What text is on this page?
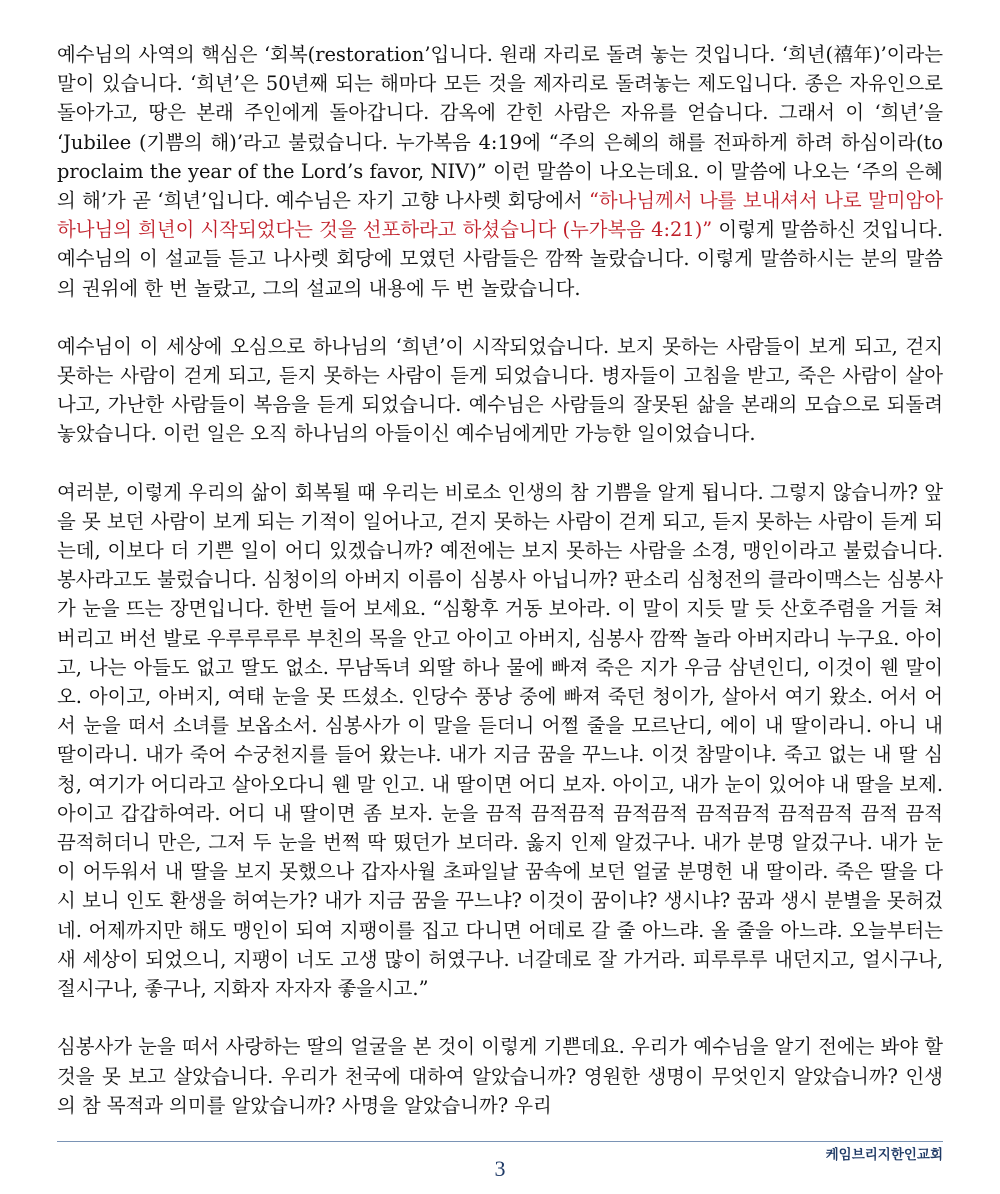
예수님의 사역의 핵심은 ‘회복(restoration’입니다. 원래 자리로 돌려 놓는 것입니다. ‘희년(禧年)’이라는 말이 있습니다. ‘희년’은 50년째 되는 해마다 모든 것을 제자리로 돌려놓는 제도입니다. 종은 자유인으로 돌아가고, 땅은 본래 주인에게 돌아갑니다. 감옥에 갇힌 사람은 자유를 얻습니다. 그래서 이 ‘희년’을 ‘Jubilee (기쁨의 해)’라고 불렀습니다. 누가복음 4:19에 “주의 은혜의 해를 전파하게 하려 하심이라(to proclaim the year of the Lord’s favor, NIV)” 이런 말씀이 나오는데요. 이 말씀에 나오는 ‘주의 은혜의 해’가 곧 ‘희년’입니다. 예수님은 자기 고향 나사렛 회당에서 “하나님께서 나를 보내셔서 나로 말미암아 하나님의 희년이 시작되었다는 것을 선포하라고 하셨습니다 (누가복음 4:21)” 이렇게 말씀하신 것입니다. 예수님의 이 설교들 듣고 나사렛 회당에 모였던 사람들은 깜짝 놀랐습니다. 이렇게 말씀하시는 분의 말씀의 권위에 한 번 놀랐고, 그의 설교의 내용에 두 번 놀랐습니다.

예수님이 이 세상에 오심으로 하나님의 ‘희년’이 시작되었습니다. 보지 못하는 사람들이 보게 되고, 걷지 못하는 사람이 걷게 되고, 듣지 못하는 사람이 듣게 되었습니다. 병자들이 고침을 받고, 죽은 사람이 살아나고, 가난한 사람들이 복음을 듣게 되었습니다. 예수님은 사람들의 잘못된 삶을 본래의 모습으로 되돌려 놓았습니다. 이런 일은 오직 하나님의 아들이신 예수님에게만 가능한 일이었습니다.

여러분, 이렇게 우리의 삶이 회복될 때 우리는 비로소 인생의 참 기쁨을 알게 됩니다. 그렇지 않습니까? 앞을 못 보던 사람이 보게 되는 기적이 일어나고, 걷지 못하는 사람이 걷게 되고, 듣지 못하는 사람이 듣게 되는데, 이보다 더 기쁜 일이 어디 있겠습니까? 예전에는 보지 못하는 사람을 소경, 맹인이라고 불렀습니다. 봉사라고도 불렀습니다. 심청이의 아버지 이름이 심봉사 아닙니까? 판소리 심청전의 클라이맥스는 심봉사가 눈을 뜨는 장면입니다. 한번 들어 보세요. “심황후 거동 보아라. 이 말이 지듯 말 듯 산호주렴을 거들 쳐 버리고 버선 발로 우루루루루 부친의 목을 안고 아이고 아버지, 심봉사 깜짝 놀라 아버지라니 누구요. 아이고, 나는 아들도 없고 딸도 없소. 무남독녀 외딸 하나 물에 빠져 죽은 지가 우금 삼년인디, 이것이 웬 말이오. 아이고, 아버지, 여태 눈을 못 뜨셨소. 인당수 풍낭 중에 빠져 죽던 청이가, 살아서 여기 왔소. 어서 어서 눈을 떠서 소녀를 보옵소서. 심봉사가 이 말을 듣더니 어쩔 줄을 모르난디, 에이 내 딸이라니. 아니 내 딸이라니. 내가 죽어 수궁천지를 들어 왔는냐. 내가 지금 꿈을 꾸느냐. 이것 참말이냐. 죽고 없는 내 딸 심청, 여기가 어디라고 살아오다니 웬 말 인고. 내 딸이면 어디 보자. 아이고, 내가 눈이 있어야 내 딸을 보제. 아이고 갑갑하여라. 어디 내 딸이면 좀 보자. 눈을 끔적 끔적끔적 끔적끔적 끔적끔적 끔적끔적 끔적 끔적 끔적허더니 만은, 그저 두 눈을 번쩍 딱 떴던가 보더라. 옳지 인제 알겄구나. 내가 분명 알겄구나. 내가 눈이 어두워서 내 딸을 보지 못했으나 갑자사월 초파일날 꿈속에 보던 얼굴 분명헌 내 딸이라. 죽은 딸을 다시 보니 인도 환생을 허여는가? 내가 지금 꿈을 꾸느냐? 이것이 꿈이냐? 생시냐? 꿈과 생시 분별을 못허겄네. 어제까지만 해도 맹인이 되여 지팽이를 집고 다니면 어데로 갈 줄 아느랴. 올 줄을 아느랴. 오늘부터는 새 세상이 되었으니, 지팽이 너도 고생 많이 허였구나. 너갈데로 잘 가거라. 피루루루 내던지고, 얼시구나, 절시구나, 좋구나, 지화자 자자자 좋을시고.”

심봉사가 눈을 떠서 사랑하는 딸의 얼굴을 본 것이 이렇게 기쁜데요. 우리가 예수님을 알기 전에는 봐야 할 것을 못 보고 살았습니다. 우리가 천국에 대하여 알았습니까? 영원한 생명이 무엇인지 알았습니까? 인생의 참 목적과 의미를 알았습니까? 사명을 알았습니까? 우리

케임브리지한인교회
3
